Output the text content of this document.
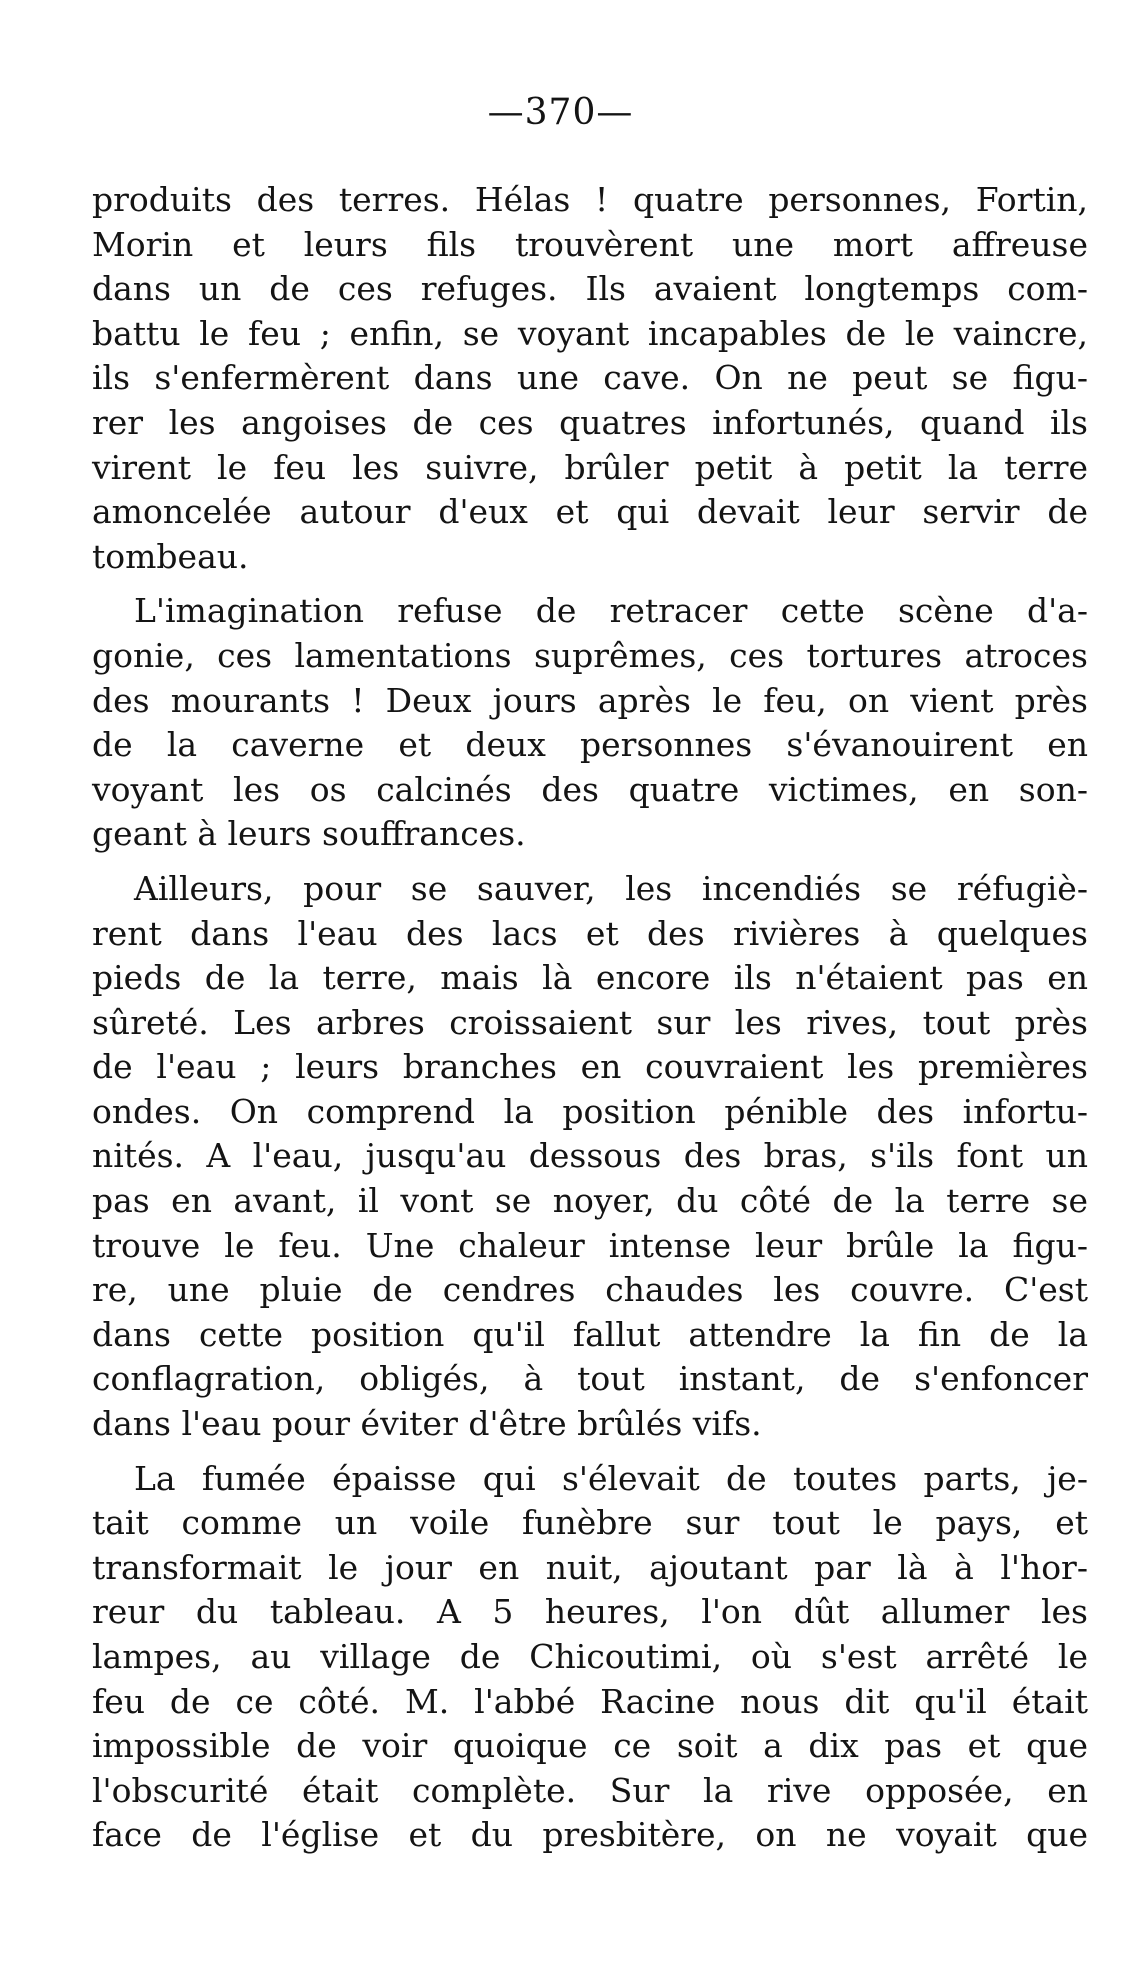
—370—

produits des terres. Hélas ! quatre personnes, Fortin,
Morin et leurs fils trouvèrent une mort affreuse
dans un de ces refuges. Ils avaient longtemps com-
battu le feu ; enfin, se voyant incapables de le vaincre,
ils s'enfermèrent dans une cave. On ne peut se figu-
rer les angoises de ces quatres infortunés, quand ils
virent le feu les suivre, brûler petit à petit la terre
amoncelée autour d'eux et qui devait leur servir de
tombeau.

L'imagination refuse de retracer cette scène d'a-
gonie, ces lamentations suprêmes, ces tortures atroces
des mourants ! Deux jours après le feu, on vient près
de la caverne et deux personnes s'évanouirent en
voyant les os calcinés des quatre victimes, en son-
geant à leurs souffrances.

Ailleurs, pour se sauver, les incendiés se réfugiè-
rent dans l'eau des lacs et des rivières à quelques
pieds de la terre, mais là encore ils n'étaient pas en
sûreté. Les arbres croissaient sur les rives, tout près
de l'eau ; leurs branches en couvraient les premières
ondes. On comprend la position pénible des infortu-
nités. A l'eau, jusqu'au dessous des bras, s'ils font un
pas en avant, il vont se noyer, du côté de la terre se
trouve le feu. Une chaleur intense leur brûle la figu-
re, une pluie de cendres chaudes les couvre. C'est
dans cette position qu'il fallut attendre la fin de la
conflagration, obligés, à tout instant, de s'enfoncer
dans l'eau pour éviter d'être brûlés vifs.

La fumée épaisse qui s'élevait de toutes parts, je-
tait comme un voile funèbre sur tout le pays, et
transformait le jour en nuit, ajoutant par là à l'hor-
reur du tableau. A 5 heures, l'on dût allumer les
lampes, au village de Chicoutimi, où s'est arrêté le
feu de ce côté. M. l'abbé Racine nous dit qu'il était
impossible de voir quoique ce soit a dix pas et que
l'obscurité était complète. Sur la rive opposée, en
face de l'église et du presbitère, on ne voyait que
